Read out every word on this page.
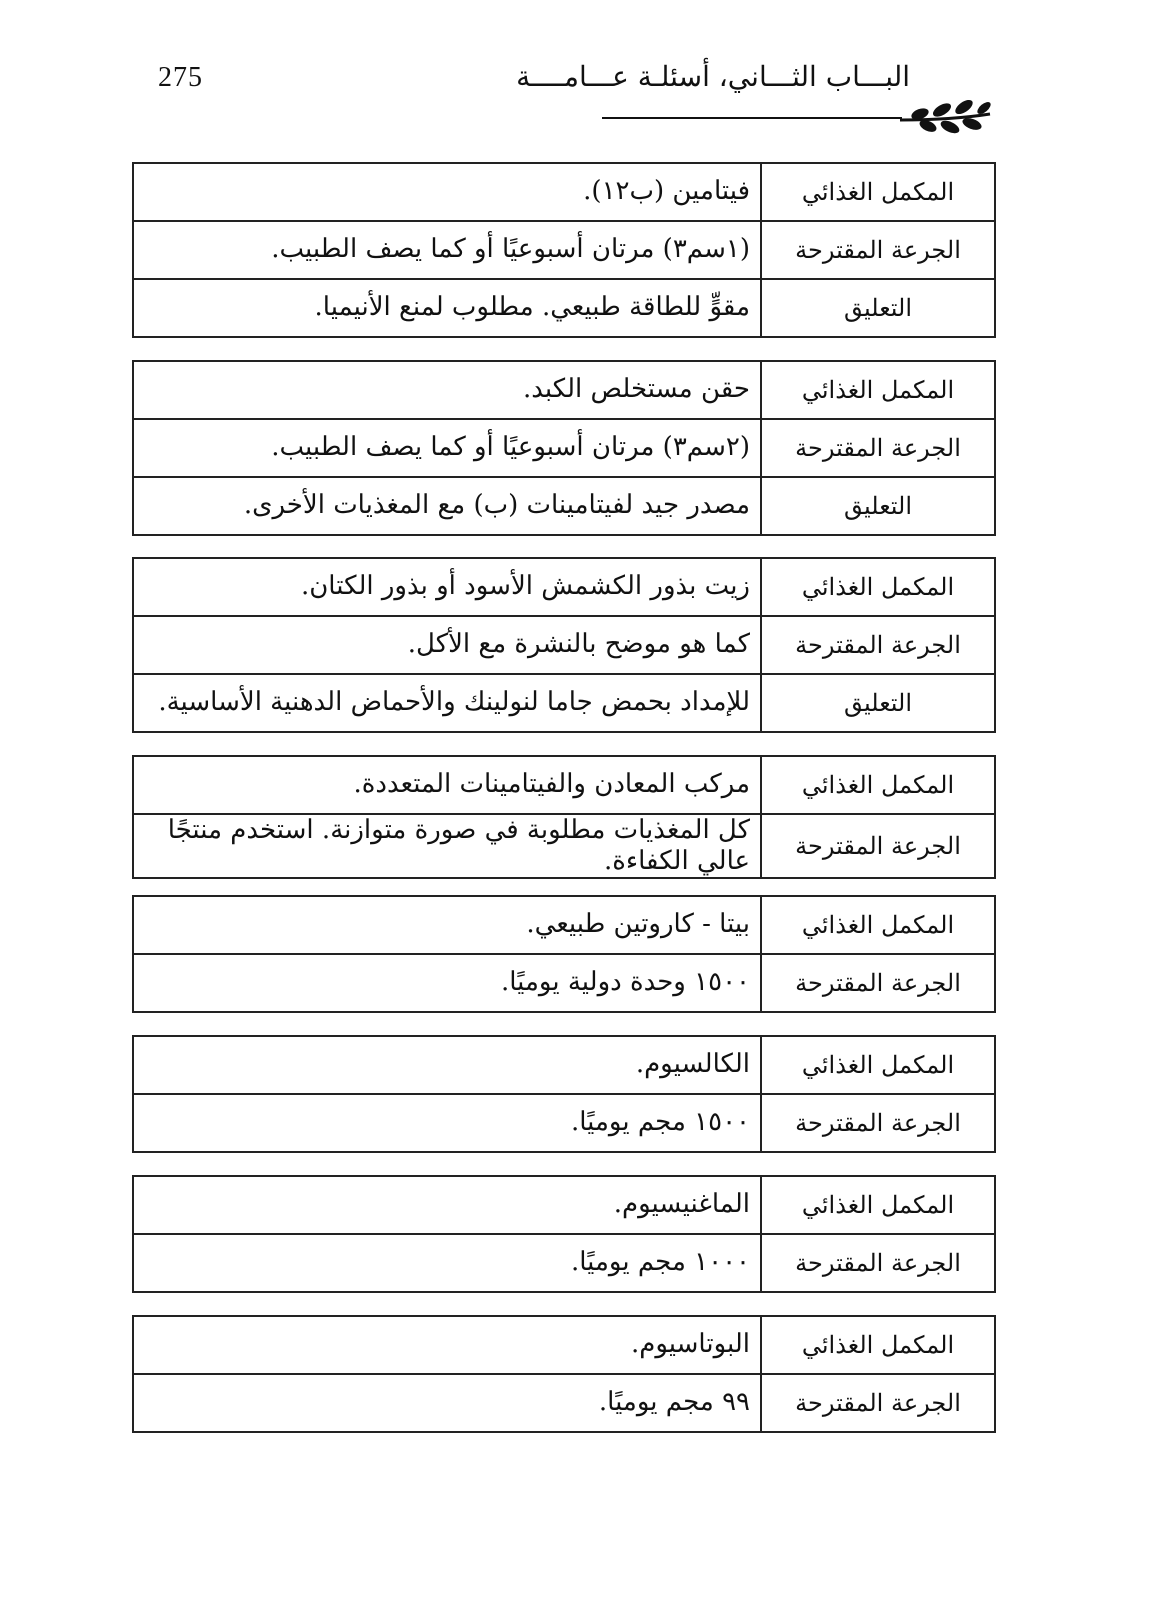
275	البـــاب الثـــاني، أسئلـة عـــامــــة
المكمل الغذائي	فيتامين (ب١٢).
الجرعة المقترحة	(١سم٣) مرتان أسبوعيًا أو كما يصف الطبيب.
التعليق	مقوٍّ للطاقة طبيعي. مطلوب لمنع الأنيميا.
المكمل الغذائي	حقن مستخلص الكبد.
الجرعة المقترحة	(٢سم٣) مرتان أسبوعيًا أو كما يصف الطبيب.
التعليق	مصدر جيد لفيتامينات (ب) مع المغذيات الأخرى.
المكمل الغذائي	زيت بذور الكشمش الأسود أو بذور الكتان.
الجرعة المقترحة	كما هو موضح بالنشرة مع الأكل.
التعليق	للإمداد بحمض جاما لنولينك والأحماض الدهنية الأساسية.
المكمل الغذائي	مركب المعادن والفيتامينات المتعددة.
الجرعة المقترحة	كل المغذيات مطلوبة في صورة متوازنة. استخدم منتجًا عالي الكفاءة.
المكمل الغذائي	بيتا - كاروتين طبيعي.
الجرعة المقترحة	١٥٠٠ وحدة دولية يوميًا.
المكمل الغذائي	الكالسيوم.
الجرعة المقترحة	١٥٠٠ مجم يوميًا.
المكمل الغذائي	الماغنيسيوم.
الجرعة المقترحة	١٠٠٠ مجم يوميًا.
المكمل الغذائي	البوتاسيوم.
الجرعة المقترحة	٩٩ مجم يوميًا.
